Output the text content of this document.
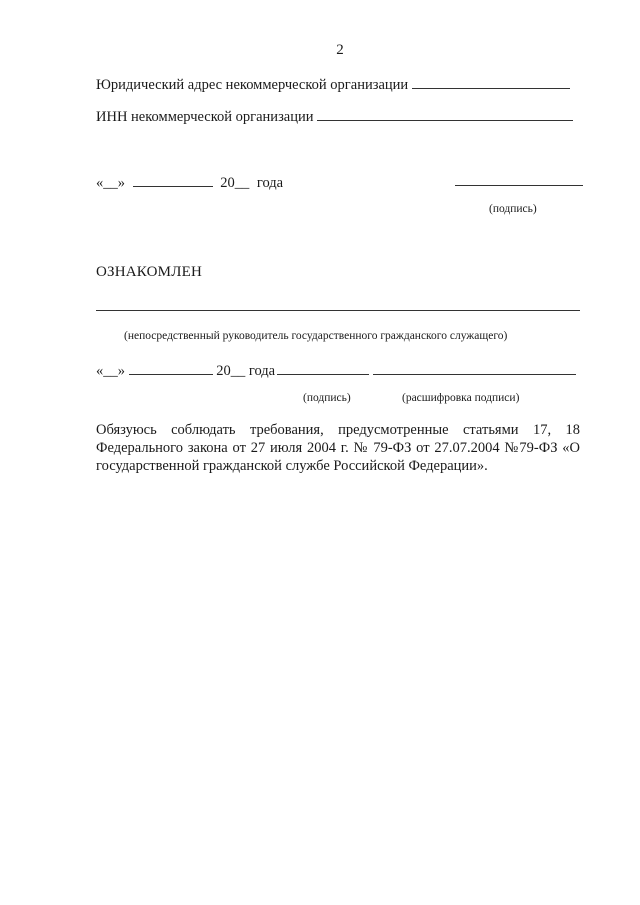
2
Юридический адрес некоммерческой организации
ИНН некоммерческой организации
«__»	20__ года
(подпись)
ОЗНАКОМЛЕН
(непосредственный руководитель государственного гражданского служащего)
«__»	20__ года
(подпись)	(расшифровка подписи)
Обязуюсь соблюдать требования, предусмотренные статьями 17, 18 Федерального закона от 27 июля 2004 г. № 79-ФЗ от 27.07.2004 №79-ФЗ «О государственной гражданской службе Российской Федерации».
